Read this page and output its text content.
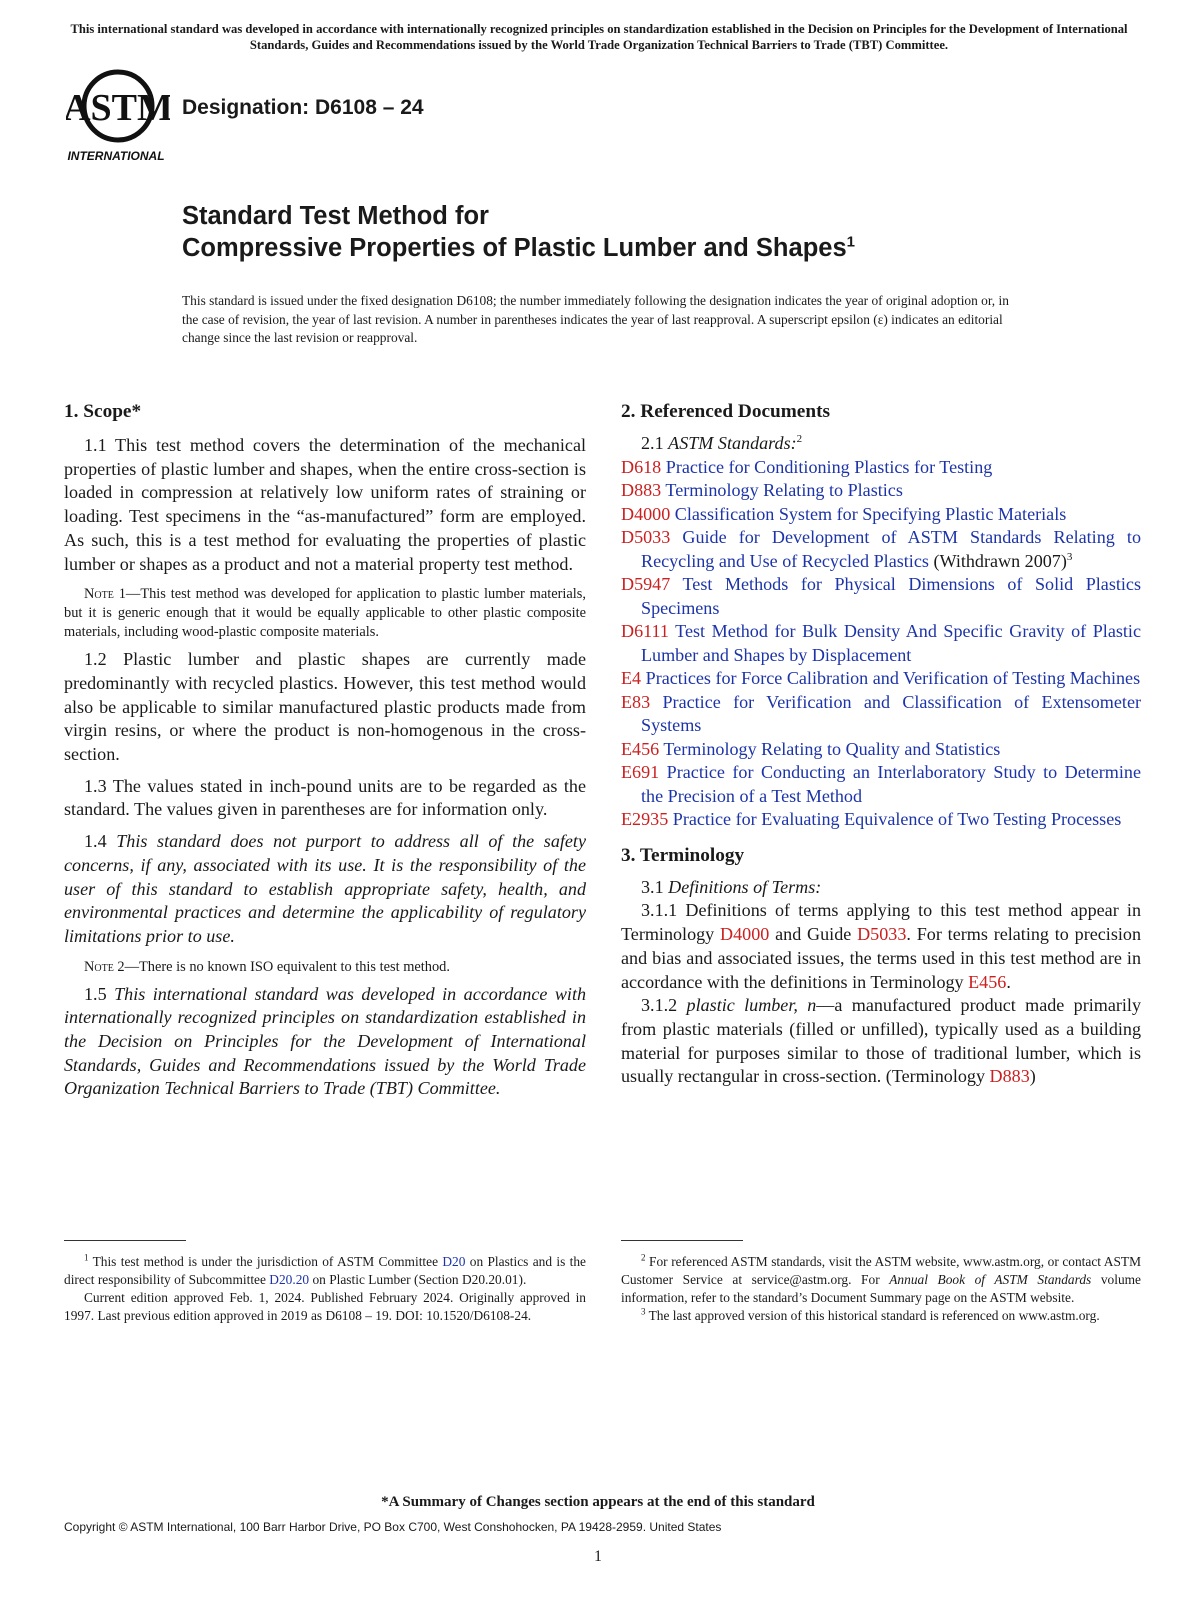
This international standard was developed in accordance with internationally recognized principles on standardization established in the Decision on Principles for the Development of International Standards, Guides and Recommendations issued by the World Trade Organization Technical Barriers to Trade (TBT) Committee.
ASTM
INTERNATIONAL
Designation: D6108 – 24
Standard Test Method for
Compressive Properties of Plastic Lumber and Shapes$^1$
This standard is issued under the fixed designation D6108; the number immediately following the designation indicates the year of original adoption or, in the case of revision, the year of last revision. A number in parentheses indicates the year of last reapproval. A superscript epsilon (ε) indicates an editorial change since the last revision or reapproval.
1. Scope*

1.1 This test method covers the determination of the mechanical properties of plastic lumber and shapes, when the entire cross-section is loaded in compression at relatively low uniform rates of straining or loading. Test specimens in the “as-manufactured” form are employed. As such, this is a test method for evaluating the properties of plastic lumber or shapes as a product and not a material property test method.

Note 1—This test method was developed for application to plastic lumber materials, but it is generic enough that it would be equally applicable to other plastic composite materials, including wood-plastic composite materials.

1.2 Plastic lumber and plastic shapes are currently made predominantly with recycled plastics. However, this test method would also be applicable to similar manufactured plastic products made from virgin resins, or where the product is non-homogenous in the cross-section.

1.3 The values stated in inch-pound units are to be regarded as the standard. The values given in parentheses are for information only.

1.4 This standard does not purport to address all of the safety concerns, if any, associated with its use. It is the responsibility of the user of this standard to establish appropriate safety, health, and environmental practices and determine the applicability of regulatory limitations prior to use.

Note 2—There is no known ISO equivalent to this test method.

1.5 This international standard was developed in accordance with internationally recognized principles on standardization established in the Decision on Principles for the Development of International Standards, Guides and Recommendations issued by the World Trade Organization Technical Barriers to Trade (TBT) Committee.

2. Referenced Documents

2.1 ASTM Standards:$^2$

D618 Practice for Conditioning Plastics for Testing

D883 Terminology Relating to Plastics

D4000 Classification System for Specifying Plastic Materials

D5033 Guide for Development of ASTM Standards Relating to Recycling and Use of Recycled Plastics (Withdrawn 2007)$^3$

D5947 Test Methods for Physical Dimensions of Solid Plastics Specimens

D6111 Test Method for Bulk Density And Specific Gravity of Plastic Lumber and Shapes by Displacement

E4 Practices for Force Calibration and Verification of Testing Machines

E83 Practice for Verification and Classification of Extensometer Systems

E456 Terminology Relating to Quality and Statistics

E691 Practice for Conducting an Interlaboratory Study to Determine the Precision of a Test Method

E2935 Practice for Evaluating Equivalence of Two Testing Processes

3. Terminology

3.1 Definitions of Terms:

3.1.1 Definitions of terms applying to this test method appear in Terminology D4000 and Guide D5033. For terms relating to precision and bias and associated issues, the terms used in this test method are in accordance with the definitions in Terminology E456.

3.1.2 plastic lumber, n—a manufactured product made primarily from plastic materials (filled or unfilled), typically used as a building material for purposes similar to those of traditional lumber, which is usually rectangular in cross-section. (Terminology D883)

$^1$ This test method is under the jurisdiction of ASTM Committee D20 on Plastics and is the direct responsibility of Subcommittee D20.20 on Plastic Lumber (Section D20.20.01).

Current edition approved Feb. 1, 2024. Published February 2024. Originally approved in 1997. Last previous edition approved in 2019 as D6108 – 19. DOI: 10.1520/D6108-24.

$^2$ For referenced ASTM standards, visit the ASTM website, www.astm.org, or contact ASTM Customer Service at service@astm.org. For Annual Book of ASTM Standards volume information, refer to the standard’s Document Summary page on the ASTM website.

$^3$ The last approved version of this historical standard is referenced on www.astm.org.

*A Summary of Changes section appears at the end of this standard
Copyright © ASTM International, 100 Barr Harbor Drive, PO Box C700, West Conshohocken, PA 19428-2959. United States
1
